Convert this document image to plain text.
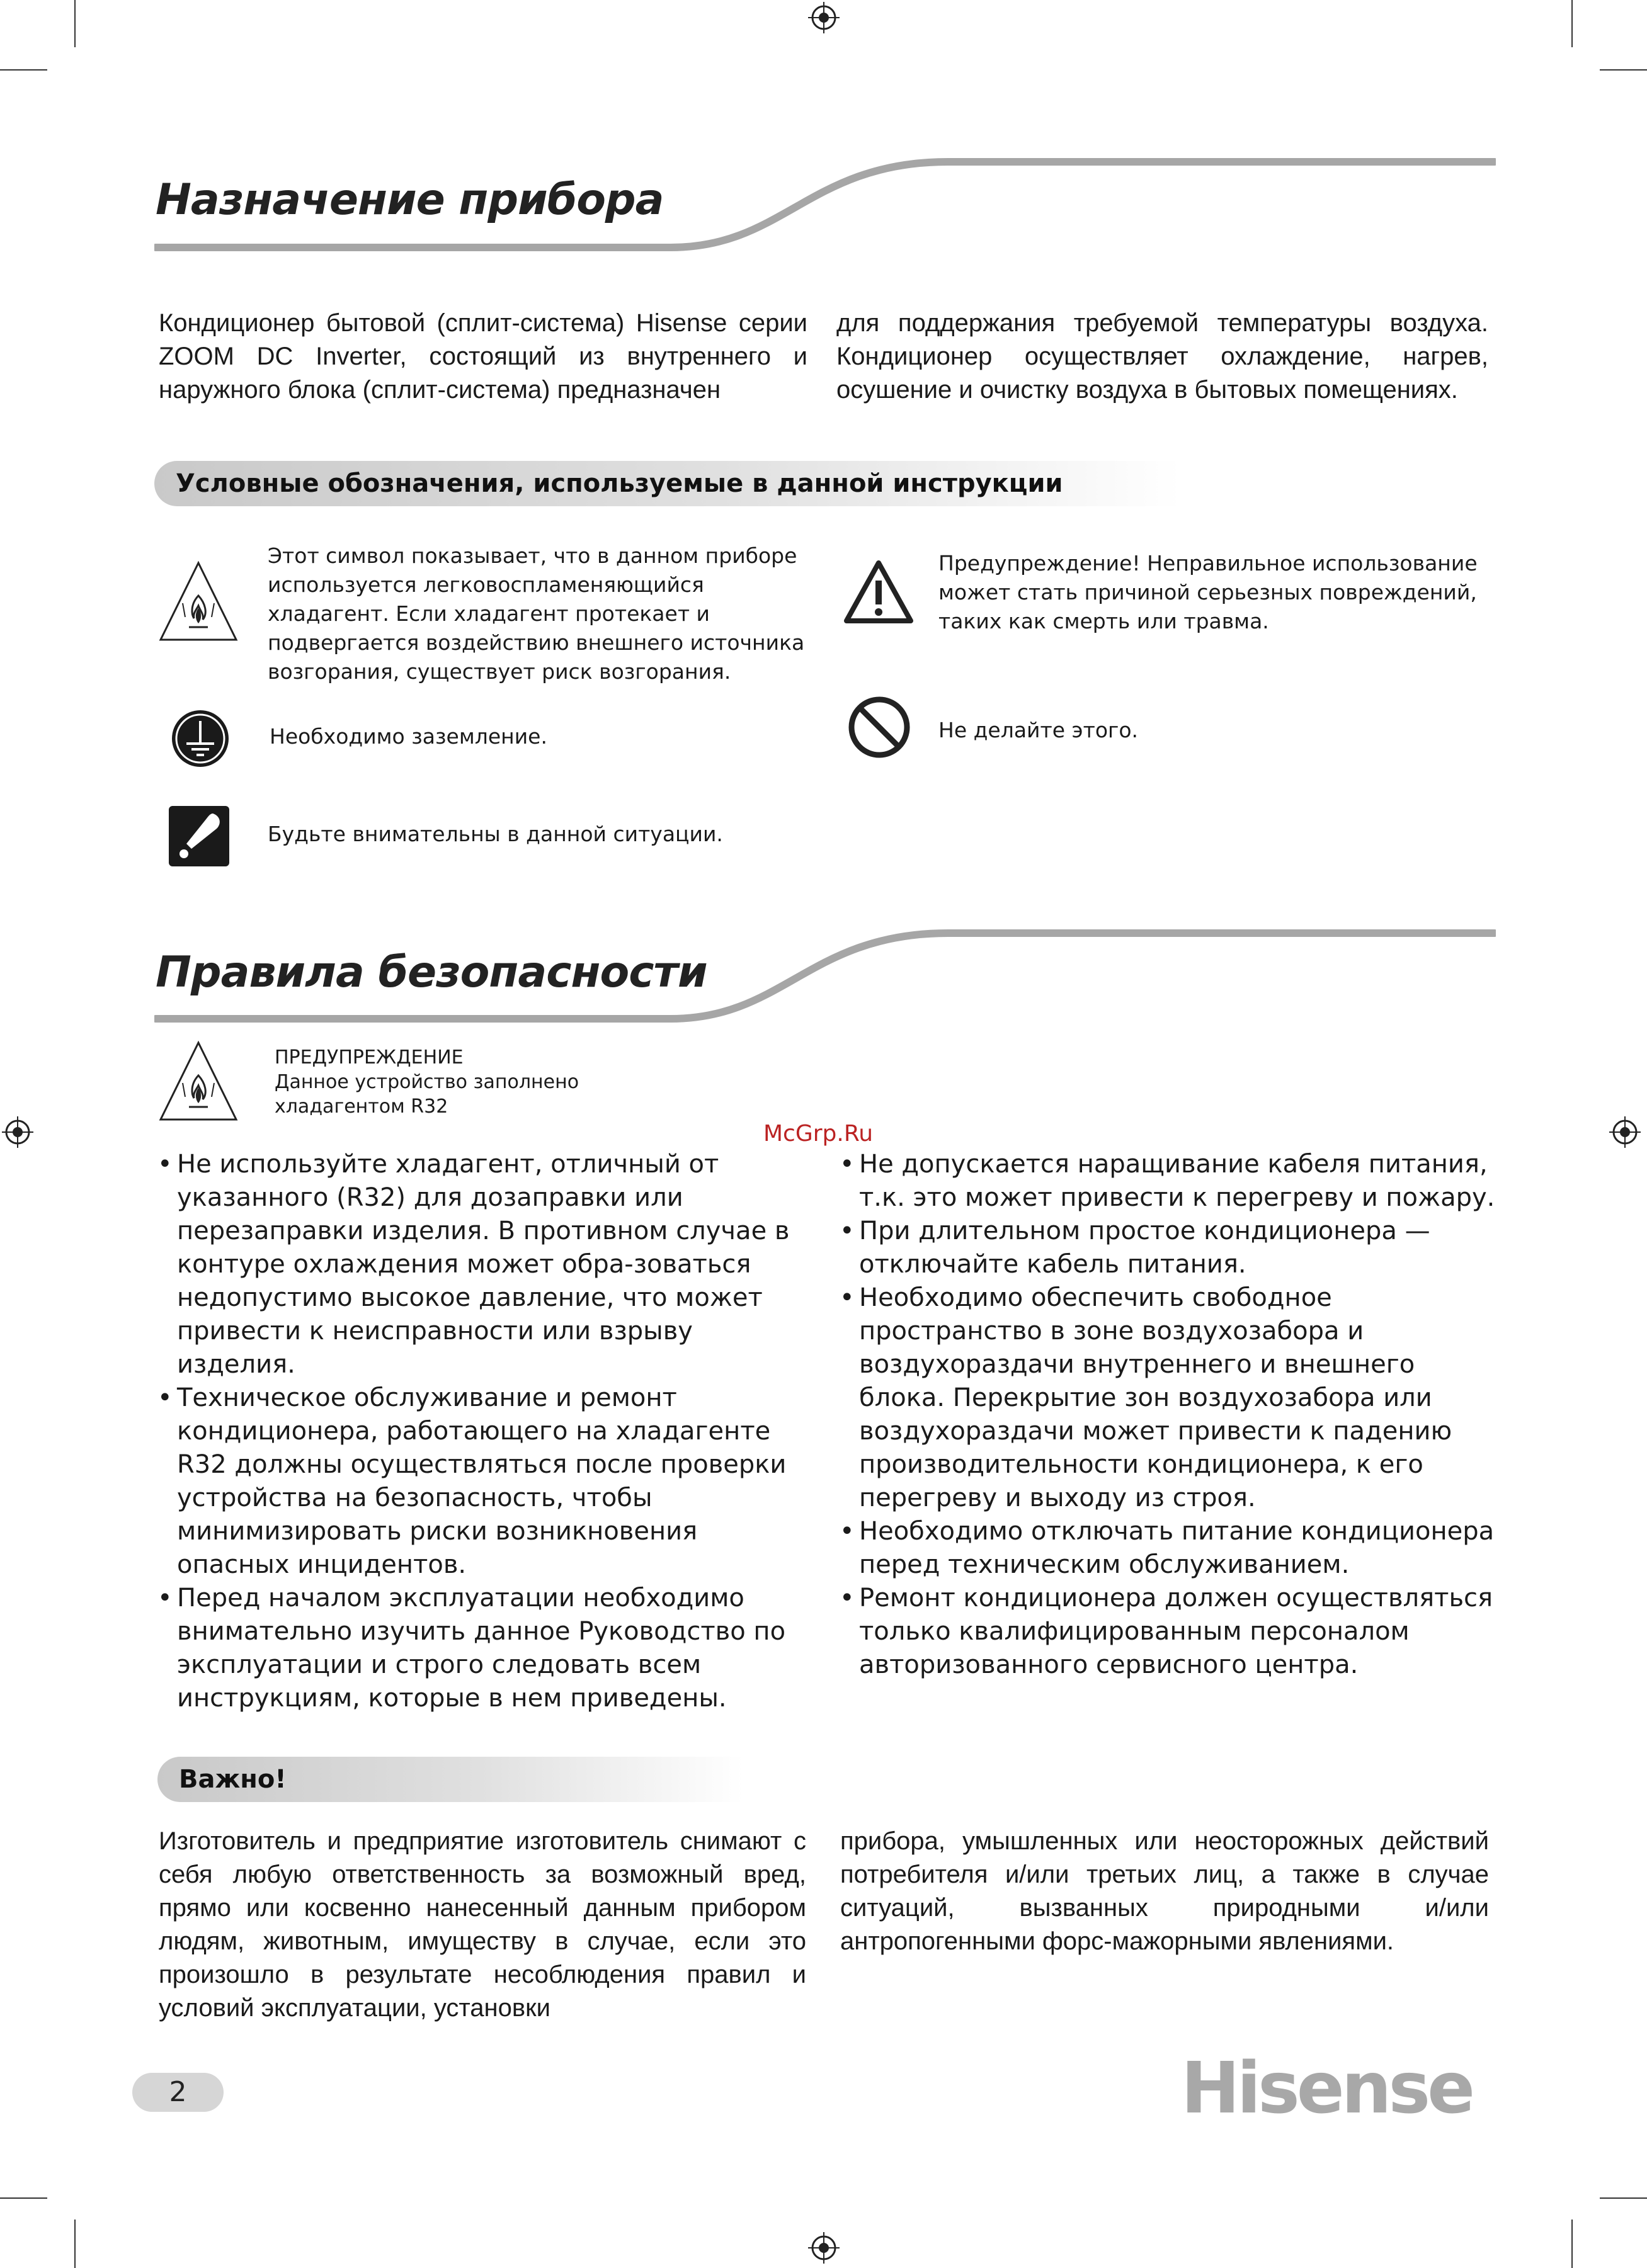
Назначение прибора
Кондиционер бытовой (сплит-система) Hisense серии ZOOM DC Inverter, состоящий из внутреннего и наружного блока (сплит-система) предназначен
для поддержания требуемой температуры воздуха. Кондиционер осуществляет охлаждение, нагрев, осушение и очистку воздуха в бытовых помещениях.
Условные обозначения, используемые в данной инструкции
Этот символ показывает, что в данном приборе используется легковоспламеняющийся хладагент. Если хладагент протекает и подвергается воздействию внешнего источника возгорания, существует риск возгорания.
Предупреждение! Неправильное использование может стать причиной серьезных повреждений, таких как смерть или травма.
Необходимо заземление.	Не делайте этого.
Будьте внимательны в данной ситуации.
Правила безопасности
ПРЕДУПРЕЖДЕНИЕ
Данное устройство заполнено
хладагентом R32
McGrp.Ru
• Не используйте хладагент, отличный от указанного (R32) для дозаправки или перезаправки изделия. В противном случае в контуре охлаждения может обра-зоваться недопустимо высокое давление, что может привести к неисправности или взрыву изделия.
• Техническое обслуживание и ремонт кондиционера, работающего на хладагенте R32 должны осуществляться после проверки устройства на безопасность, чтобы минимизировать риски возникновения опасных инцидентов.
• Перед началом эксплуатации необходимо внимательно изучить данное Руководство по эксплуатации и строго следовать всем инструкциям, которые в нем приведены.
• Не допускается наращивание кабеля питания, т.к. это может привести к перегреву и пожару.
• При длительном простое кондиционера — отключайте кабель питания.
• Необходимо обеспечить свободное пространство в зоне воздухозабора и воздухораздачи внутреннего и внешнего блока. Перекрытие зон воздухозабора или воздухораздачи может привести к падению производительности кондиционера, к его перегреву и выходу из строя.
• Необходимо отключать питание кондиционера перед техническим обслуживанием.
• Ремонт кондиционера должен осуществляться только квалифицированным персоналом авторизованного сервисного центра.
Важно!
Изготовитель и предприятие изготовитель снимают с себя любую ответственность за возможный вред, прямо или косвенно нанесенный данным прибором людям, животным, имуществу в случае, если это произошло в результате несоблюдения правил и условий эксплуатации, установки
прибора, умышленных или неосторожных действий потребителя и/или третьих лиц, а также в случае ситуаций, вызванных природными и/или антропогенными форс-мажорными явлениями.
2	Hisense
